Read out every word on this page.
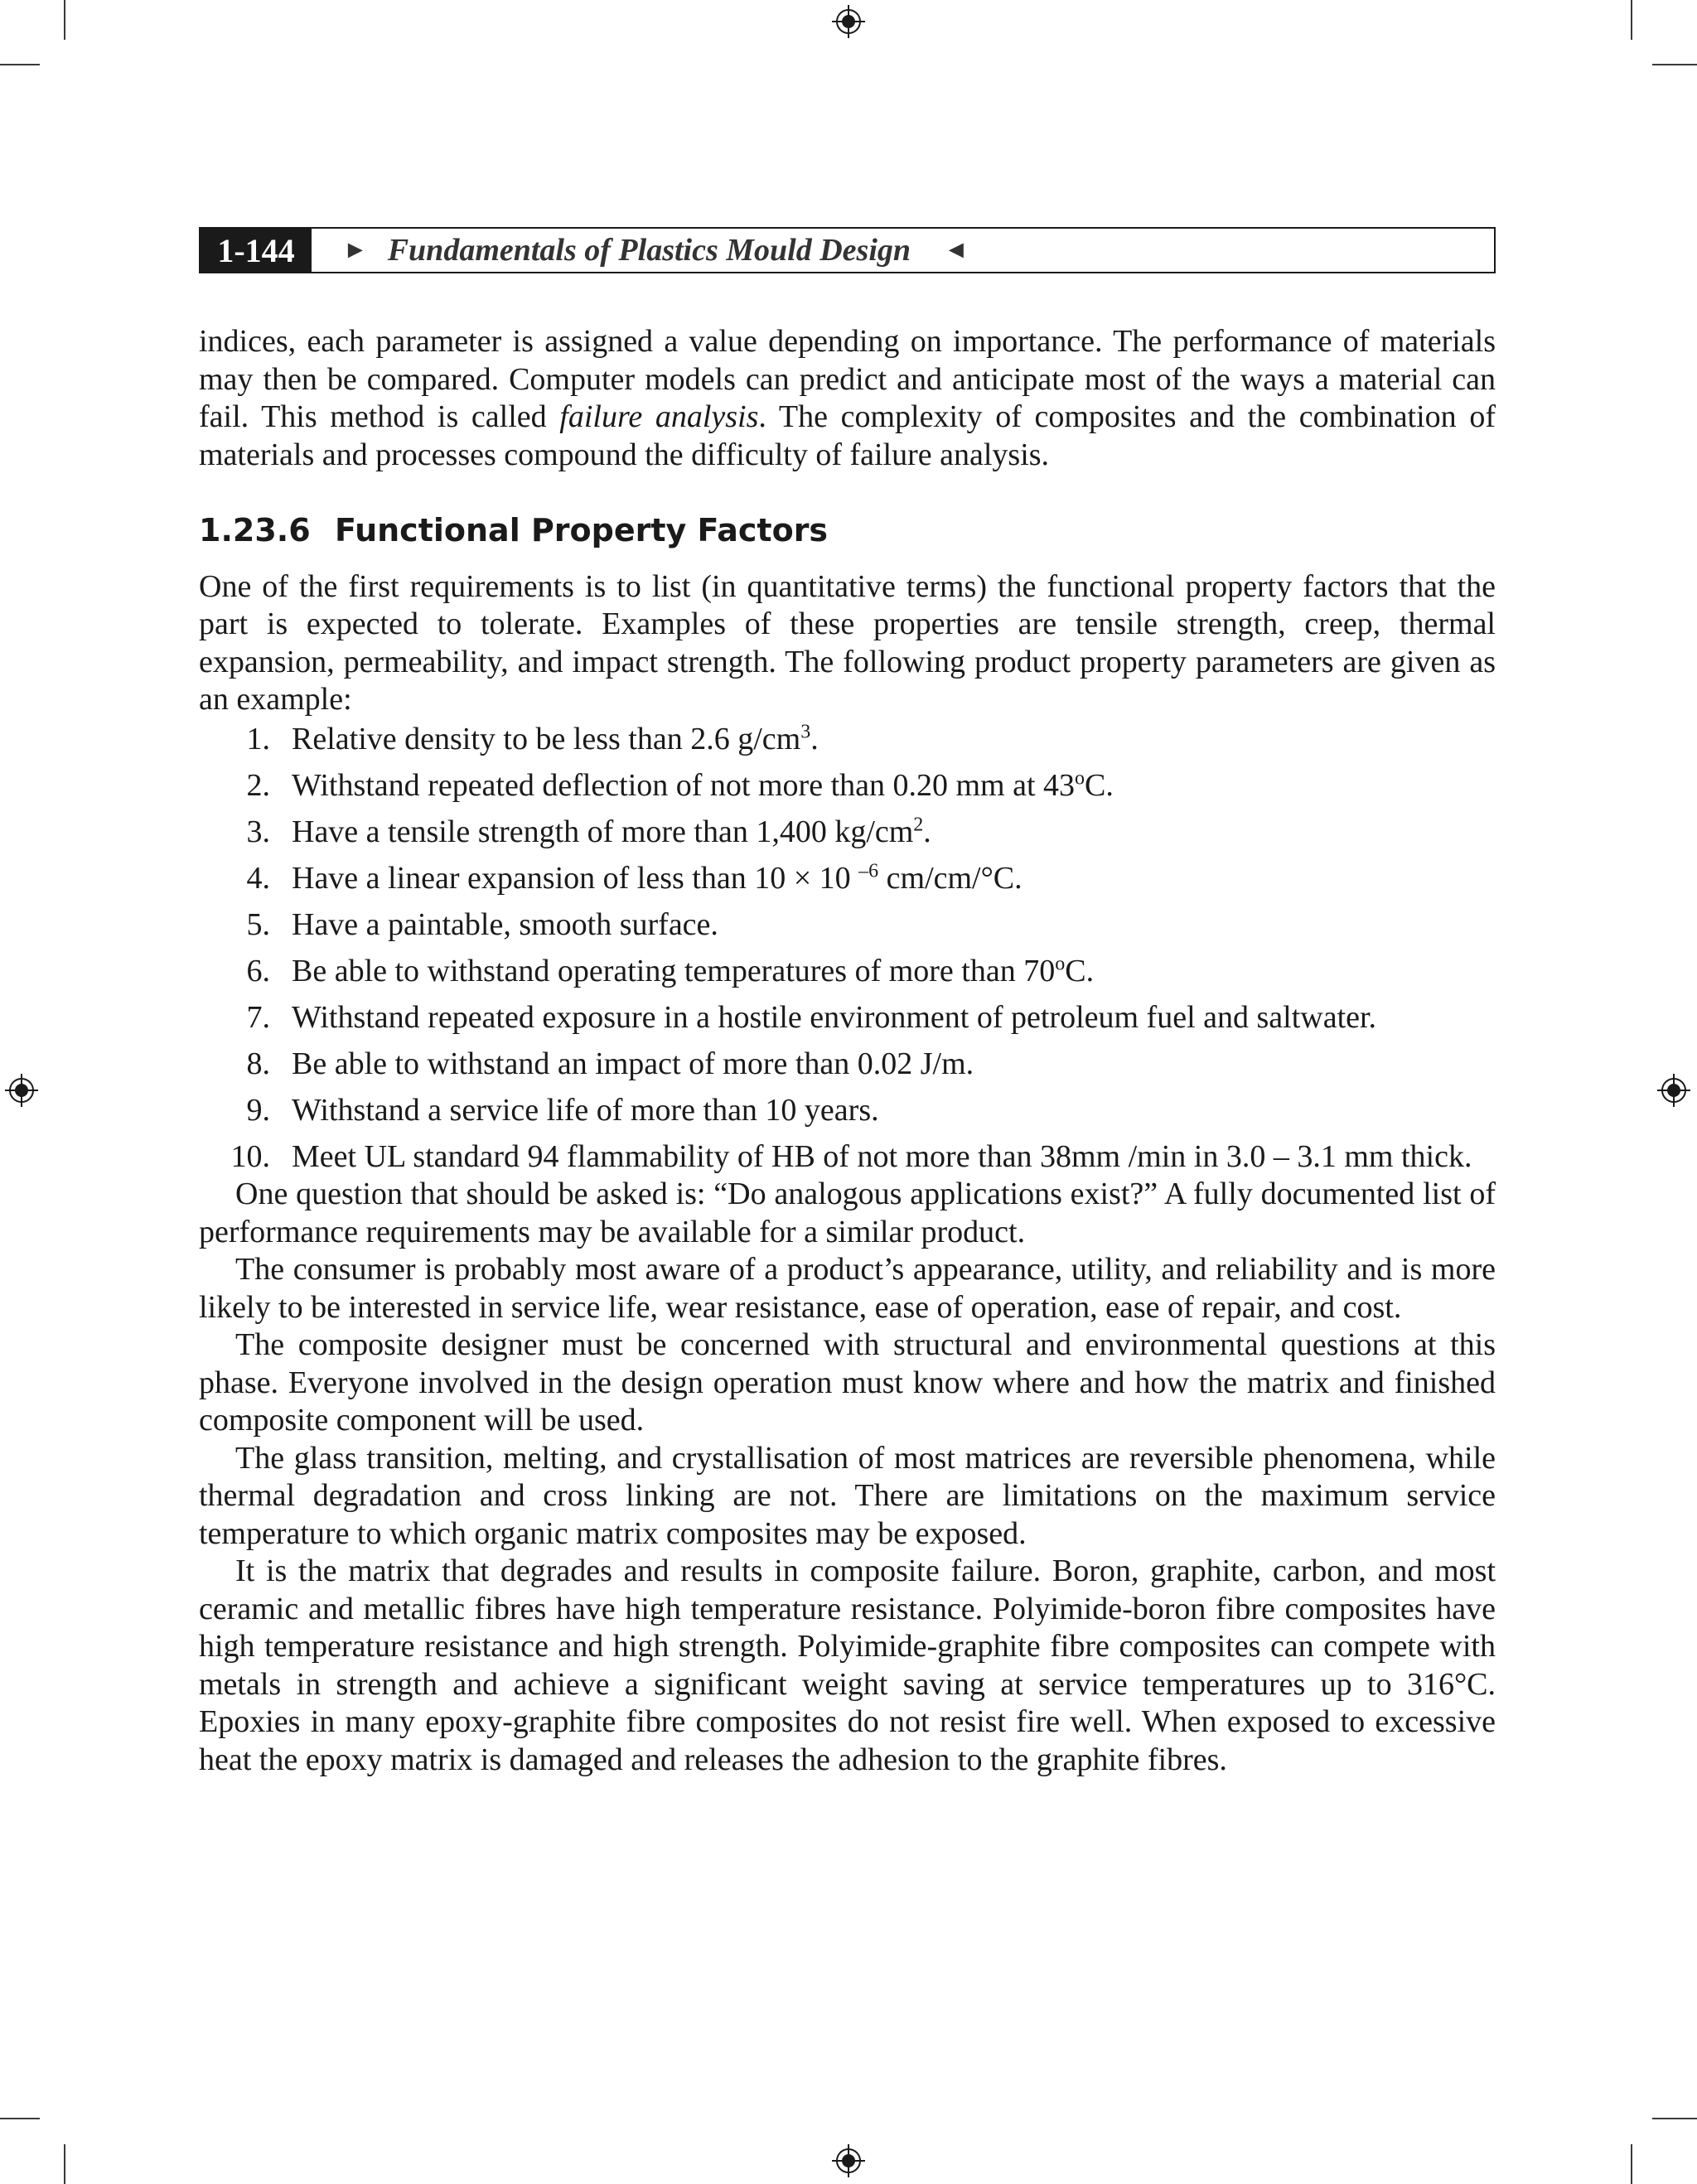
1-144	► Fundamentals of Plastics Mould Design ◄

indices, each parameter is assigned a value depending on importance. The performance of materials may then be compared. Computer models can predict and anticipate most of the ways a material can fail. This method is called failure analysis. The complexity of composites and the combination of materials and processes compound the difficulty of failure analysis.

1.23.6 Functional Property Factors

One of the first requirements is to list (in quantitative terms) the functional property factors that the part is expected to tolerate. Examples of these properties are tensile strength, creep, thermal expansion, permeability, and impact strength. The following product property parameters are given as an example:

1. Relative density to be less than 2.6 $g/cm^3$.
2. Withstand repeated deflection of not more than 0.20 mm at 43$^o$C.
3. Have a tensile strength of more than 1,400 $kg/cm^2$.
4. Have a linear expansion of less than 10 × 10 $^{-6}$ cm/cm/°C.
5. Have a paintable, smooth surface.
6. Be able to withstand operating temperatures of more than 70$^o$C.
7. Withstand repeated exposure in a hostile environment of petroleum fuel and saltwater.
8. Be able to withstand an impact of more than 0.02 J/m.
9. Withstand a service life of more than 10 years.
10. Meet UL standard 94 flammability of HB of not more than 38mm /min in 3.0 – 3.1 mm thick.

One question that should be asked is: “Do analogous applications exist?” A fully documented list of performance requirements may be available for a similar product.

The consumer is probably most aware of a product’s appearance, utility, and reliability and is more likely to be interested in service life, wear resistance, ease of operation, ease of repair, and cost.

The composite designer must be concerned with structural and environmental questions at this phase. Everyone involved in the design operation must know where and how the matrix and finished composite component will be used.

The glass transition, melting, and crystallisation of most matrices are reversible phenomena, while thermal degradation and cross linking are not. There are limitations on the maximum service temperature to which organic matrix composites may be exposed.

It is the matrix that degrades and results in composite failure. Boron, graphite, carbon, and most ceramic and metallic fibres have high temperature resistance. Polyimide-boron fibre composites have high temperature resistance and high strength. Polyimide-graphite fibre composites can compete with metals in strength and achieve a significant weight saving at service temperatures up to 316°C. Epoxies in many epoxy-graphite fibre composites do not resist fire well. When exposed to excessive heat the epoxy matrix is damaged and releases the adhesion to the graphite fibres.
